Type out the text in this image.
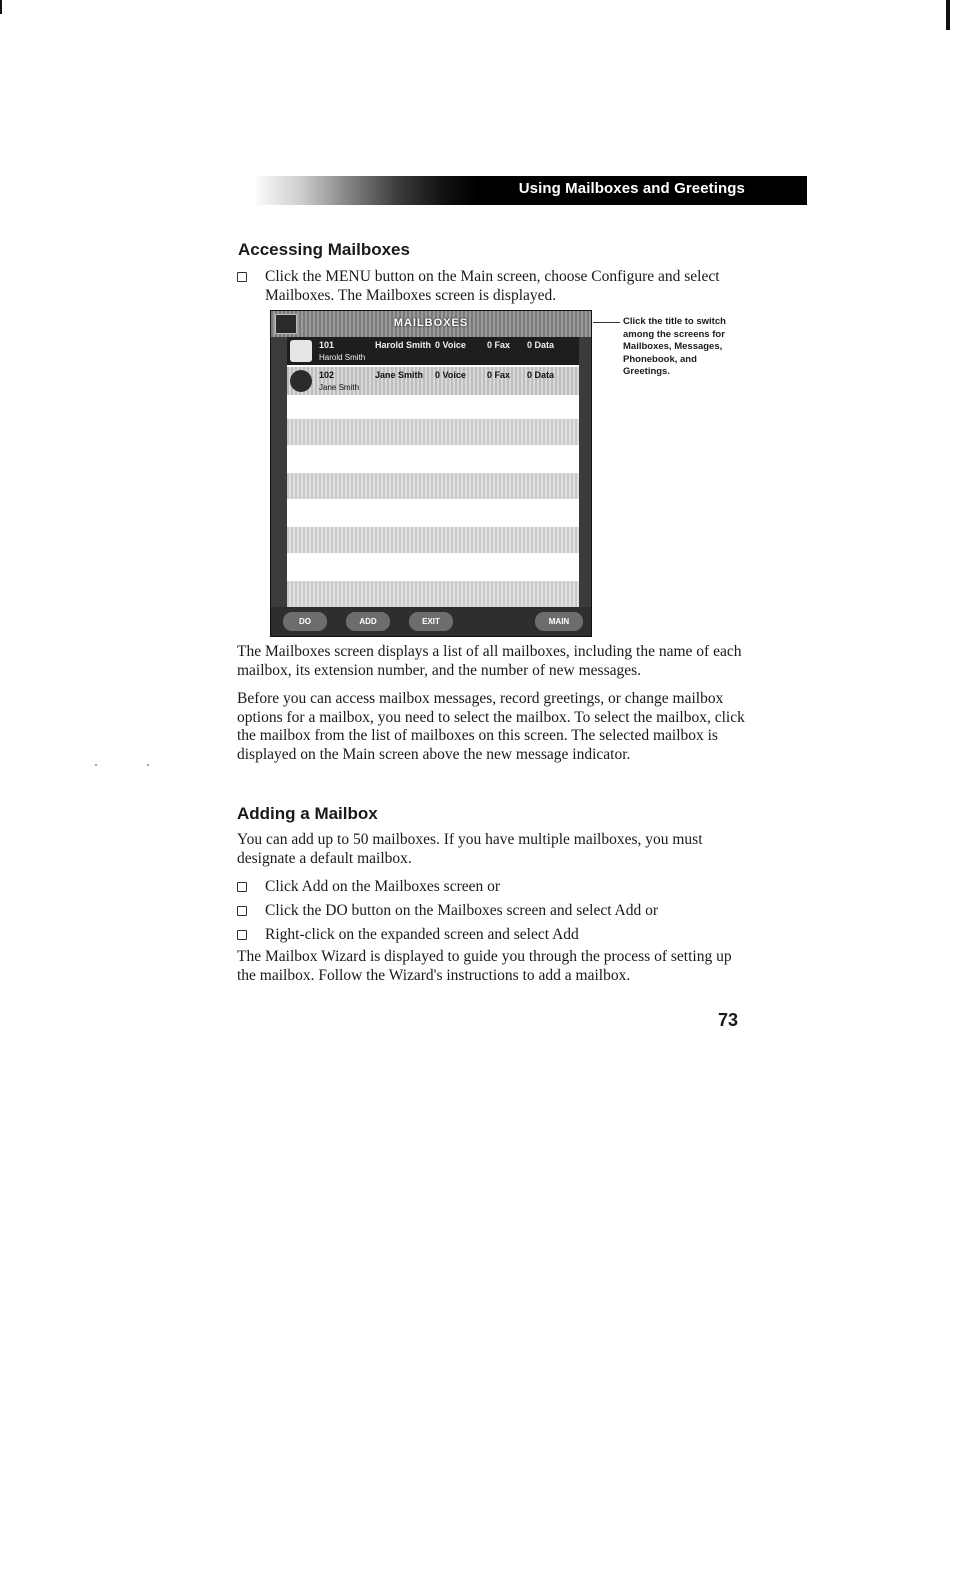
Using Mailboxes and Greetings
Accessing Mailboxes
Click the MENU button on the Main screen, choose Configure and select Mailboxes. The Mailboxes screen is displayed.
MAILBOXES
101	Harold Smith 0 Voice 0 Fax 0 Data
Harold Smith
102	Jane Smith 0 Voice 0 Fax 0 Data
Jane Smith
DO	ADD	EXIT	MAIN
Click the title to switch among the screens for Mailboxes, Messages, Phonebook, and Greetings.

The Mailboxes screen displays a list of all mailboxes, including the name of each mailbox, its extension number, and the number of new messages.

Before you can access mailbox messages, record greetings, or change mailbox options for a mailbox, you need to select the mailbox. To select the mailbox, click the mailbox from the list of mailboxes on this screen. The selected mailbox is displayed on the Main screen above the new message indicator.

Adding a Mailbox

You can add up to 50 mailboxes. If you have multiple mailboxes, you must designate a default mailbox.

Click Add on the Mailboxes screen or
Click the DO button on the Mailboxes screen and select Add or
Right-click on the expanded screen and select Add

The Mailbox Wizard is displayed to guide you through the process of setting up the mailbox. Follow the Wizard's instructions to add a mailbox.

73
